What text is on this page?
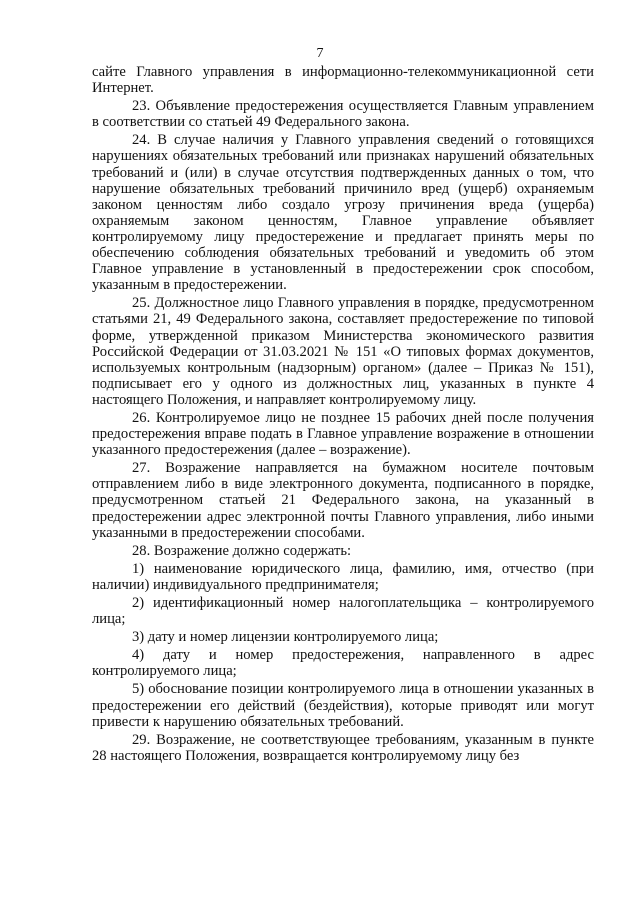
7

сайте Главного управления в информационно-телекоммуникационной сети Интернет.

23. Объявление предостережения осуществляется Главным управлением в соответствии со статьей 49 Федерального закона.

24. В случае наличия у Главного управления сведений о готовящихся нарушениях обязательных требований или признаках нарушений обязательных требований и (или) в случае отсутствия подтвержденных данных о том, что нарушение обязательных требований причинило вред (ущерб) охраняемым законом ценностям либо создало угрозу причинения вреда (ущерба) охраняемым законом ценностям, Главное управление объявляет контролируемому лицу предостережение и предлагает принять меры по обеспечению соблюдения обязательных требований и уведомить об этом Главное управление в установленный в предостережении срок способом, указанным в предостережении.

25. Должностное лицо Главного управления в порядке, предусмотренном статьями 21, 49 Федерального закона, составляет предостережение по типовой форме, утвержденной приказом Министерства экономического развития Российской Федерации от 31.03.2021 № 151 «О типовых формах документов, используемых контрольным (надзорным) органом» (далее – Приказ № 151), подписывает его у одного из должностных лиц, указанных в пункте 4 настоящего Положения, и направляет контролируемому лицу.

26. Контролируемое лицо не позднее 15 рабочих дней после получения предостережения вправе подать в Главное управление возражение в отношении указанного предостережения (далее – возражение).

27. Возражение направляется на бумажном носителе почтовым отправлением либо в виде электронного документа, подписанного в порядке, предусмотренном статьей 21 Федерального закона, на указанный в предостережении адрес электронной почты Главного управления, либо иными указанными в предостережении способами.

28. Возражение должно содержать:

1) наименование юридического лица, фамилию, имя, отчество (при наличии) индивидуального предпринимателя;

2) идентификационный номер налогоплательщика – контролируемого лица;

3) дату и номер лицензии контролируемого лица;

4) дату и номер предостережения, направленного в адрес контролируемого лица;

5) обоснование позиции контролируемого лица в отношении указанных в предостережении его действий (бездействия), которые приводят или могут привести к нарушению обязательных требований.

29. Возражение, не соответствующее требованиям, указанным в пункте 28 настоящего Положения, возвращается контролируемому лицу без
